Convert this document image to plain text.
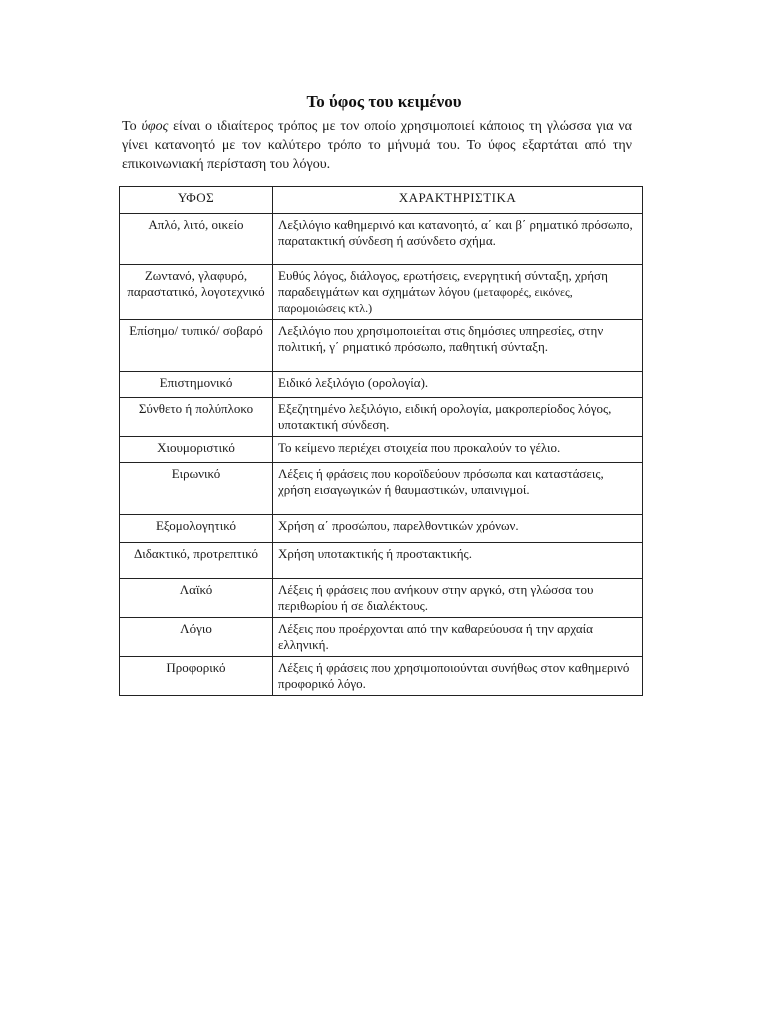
Το ύφος του κειμένου

Το ύφος είναι ο ιδιαίτερος τρόπος με τον οποίο χρησιμοποιεί κάποιος τη γλώσσα για να γίνει κατανοητό με τον καλύτερο τρόπο το μήνυμά του. Το ύφος εξαρτάται από την επικοινωνιακή περίσταση του λόγου.

ΥΦΟΣ	ΧΑΡΑΚΤΗΡΙΣΤΙΚΑ
Απλό, λιτό, οικείο	Λεξιλόγιο καθημερινό και κατανοητό, α΄ και β΄ ρηματικό πρόσωπο, παρατακτική σύνδεση ή ασύνδετο σχήμα.
Ζωντανό, γλαφυρό, παραστατικό, λογοτεχνικό	Ευθύς λόγος, διάλογος, ερωτήσεις, ενεργητική σύνταξη, χρήση παραδειγμάτων και σχημάτων λόγου (μεταφορές, εικόνες, παρομοιώσεις κτλ.)
Επίσημο/ τυπικό/ σοβαρό	Λεξιλόγιο που χρησιμοποιείται στις δημόσιες υπηρεσίες, στην πολιτική, γ΄ ρηματικό πρόσωπο, παθητική σύνταξη.
Επιστημονικό	Ειδικό λεξιλόγιο (ορολογία).
Σύνθετο ή πολύπλοκο	Εξεζητημένο λεξιλόγιο, ειδική ορολογία, μακροπερίοδος λόγος, υποτακτική σύνδεση.
Χιουμοριστικό	Το κείμενο περιέχει στοιχεία που προκαλούν το γέλιο.
Ειρωνικό	Λέξεις ή φράσεις που κοροϊδεύουν πρόσωπα και καταστάσεις, χρήση εισαγωγικών ή θαυμαστικών, υπαινιγμοί.
Εξομολογητικό	Χρήση α΄ προσώπου, παρελθοντικών χρόνων.
Διδακτικό, προτρεπτικό	Χρήση υποτακτικής ή προστακτικής.
Λαϊκό	Λέξεις ή φράσεις που ανήκουν στην αργκό, στη γλώσσα του περιθωρίου ή σε διαλέκτους.
Λόγιο	Λέξεις που προέρχονται από την καθαρεύουσα ή την αρχαία ελληνική.
Προφορικό	Λέξεις ή φράσεις που χρησιμοποιούνται συνήθως στον καθημερινό προφορικό λόγο.
